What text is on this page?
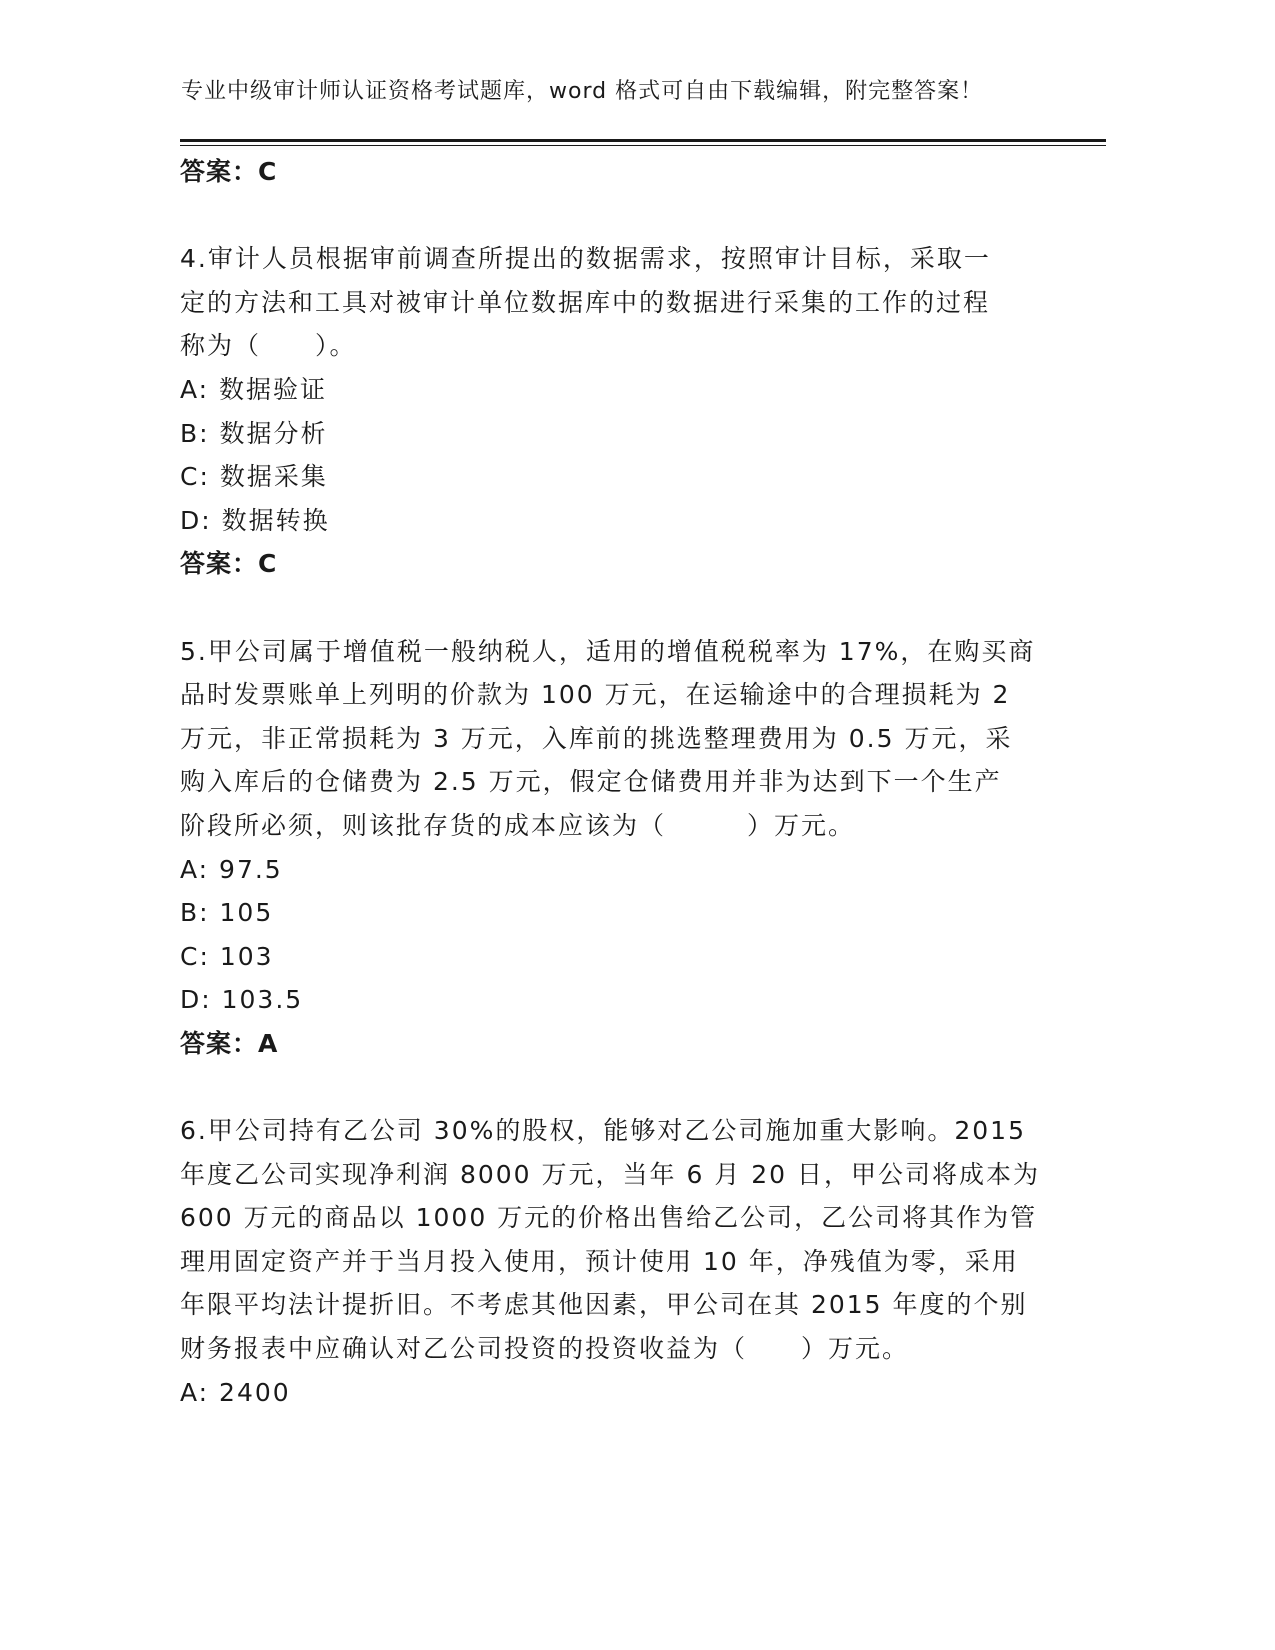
专业中级审计师认证资格考试题库，word 格式可自由下载编辑，附完整答案！
答案：C
4.审计人员根据审前调查所提出的数据需求，按照审计目标，采取一
定的方法和工具对被审计单位数据库中的数据进行采集的工作的过程
称为（　　）。
A: 数据验证
B: 数据分析
C: 数据采集
D: 数据转换
答案：C
5.甲公司属于增值税一般纳税人，适用的增值税税率为 17%，在购买商
品时发票账单上列明的价款为 100 万元，在运输途中的合理损耗为 2
万元，非正常损耗为 3 万元，入库前的挑选整理费用为 0.5 万元，采
购入库后的仓储费为 2.5 万元，假定仓储费用并非为达到下一个生产
阶段所必须，则该批存货的成本应该为（　　　）万元。
A: 97.5
B: 105
C: 103
D: 103.5
答案：A
6.甲公司持有乙公司 30%的股权，能够对乙公司施加重大影响。2015
年度乙公司实现净利润 8000 万元，当年 6 月 20 日，甲公司将成本为
600 万元的商品以 1000 万元的价格出售给乙公司，乙公司将其作为管
理用固定资产并于当月投入使用，预计使用 10 年，净残值为零，采用
年限平均法计提折旧。不考虑其他因素，甲公司在其 2015 年度的个别
财务报表中应确认对乙公司投资的投资收益为（　　）万元。
A: 2400
